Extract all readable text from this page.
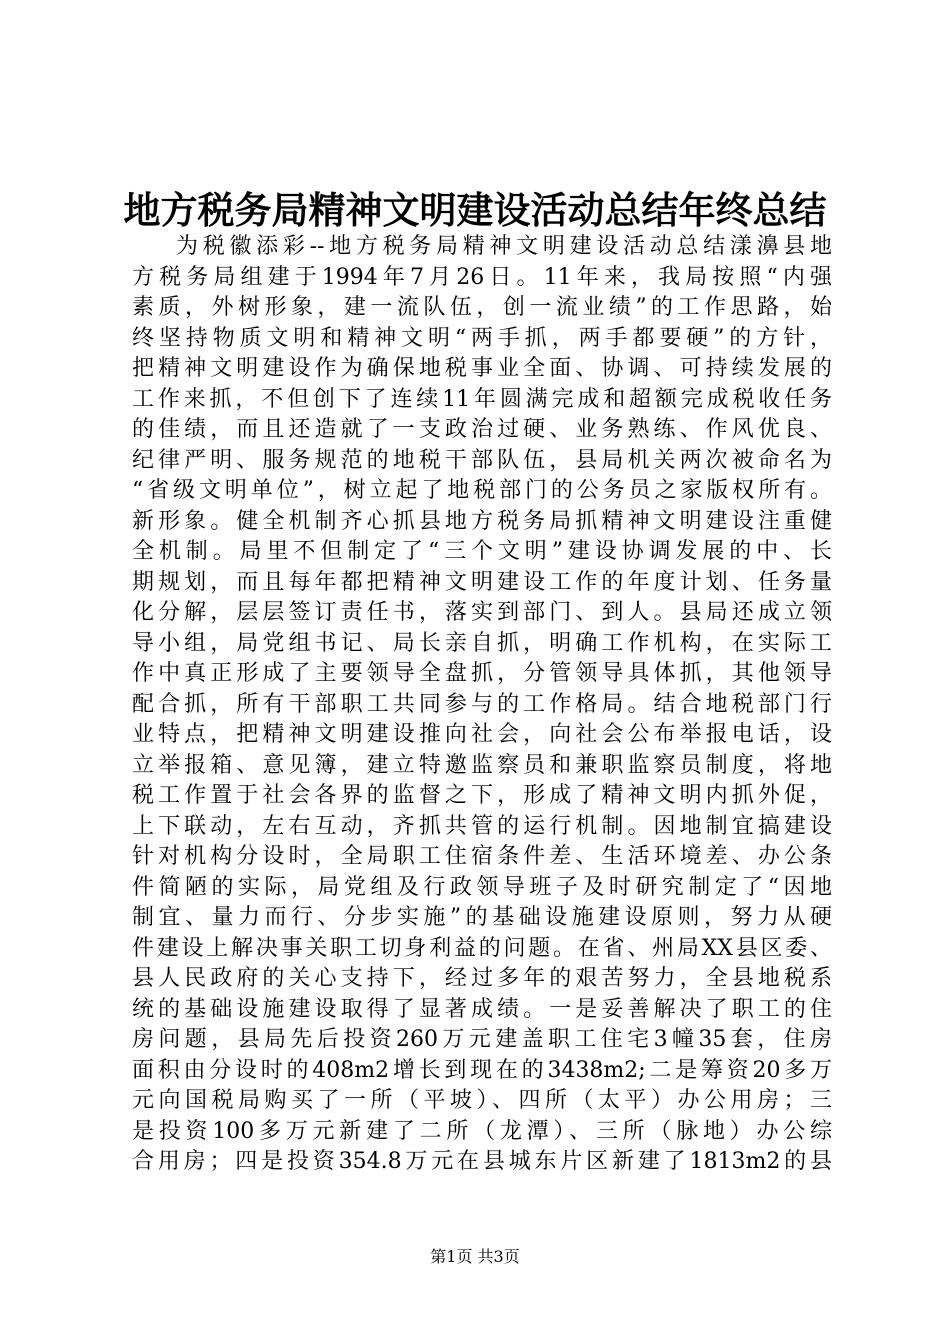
地方税务局精神文明建设活动总结年终总结
为税徽添彩--地方税务局精神文明建设活动总结漾濞县地
方税务局组建于1994年7月26日。11年来，我局按照“内强
素质，外树形象，建一流队伍，创一流业绩”的工作思路，始
终坚持物质文明和精神文明“两手抓，两手都要硬”的方针，
把精神文明建设作为确保地税事业全面、协调、可持续发展的
工作来抓，不但创下了连续11年圆满完成和超额完成税收任务
的佳绩，而且还造就了一支政治过硬、业务熟练、作风优良、
纪律严明、服务规范的地税干部队伍，县局机关两次被命名为
“省级文明单位”，树立起了地税部门的公务员之家版权所有。
新形象。健全机制齐心抓县地方税务局抓精神文明建设注重健
全机制。局里不但制定了“三个文明”建设协调发展的中、长
期规划，而且每年都把精神文明建设工作的年度计划、任务量
化分解，层层签订责任书，落实到部门、到人。县局还成立领
导小组，局党组书记、局长亲自抓，明确工作机构，在实际工
作中真正形成了主要领导全盘抓，分管领导具体抓，其他领导
配合抓，所有干部职工共同参与的工作格局。结合地税部门行
业特点，把精神文明建设推向社会，向社会公布举报电话，设
立举报箱、意见簿，建立特邀监察员和兼职监察员制度，将地
税工作置于社会各界的监督之下，形成了精神文明内抓外促，
上下联动，左右互动，齐抓共管的运行机制。因地制宜搞建设
针对机构分设时，全局职工住宿条件差、生活环境差、办公条
件简陋的实际，局党组及行政领导班子及时研究制定了“因地
制宜、量力而行、分步实施”的基础设施建设原则，努力从硬
件建设上解决事关职工切身利益的问题。在省、州局XX县区委、
县人民政府的关心支持下，经过多年的艰苦努力，全县地税系
统的基础设施建设取得了显著成绩。一是妥善解决了职工的住
房问题，县局先后投资260万元建盖职工住宅3幢35套，住房
面积由分设时的408m2增长到现在的3438m2;二是筹资20多万
元向国税局购买了一所（平坡）、四所（太平）办公用房；三
是投资100多万元新建了二所（龙潭）、三所（脉地）办公综
合用房；四是投资354.8万元在县城东片区新建了1813m2的县
第1页 共3页
